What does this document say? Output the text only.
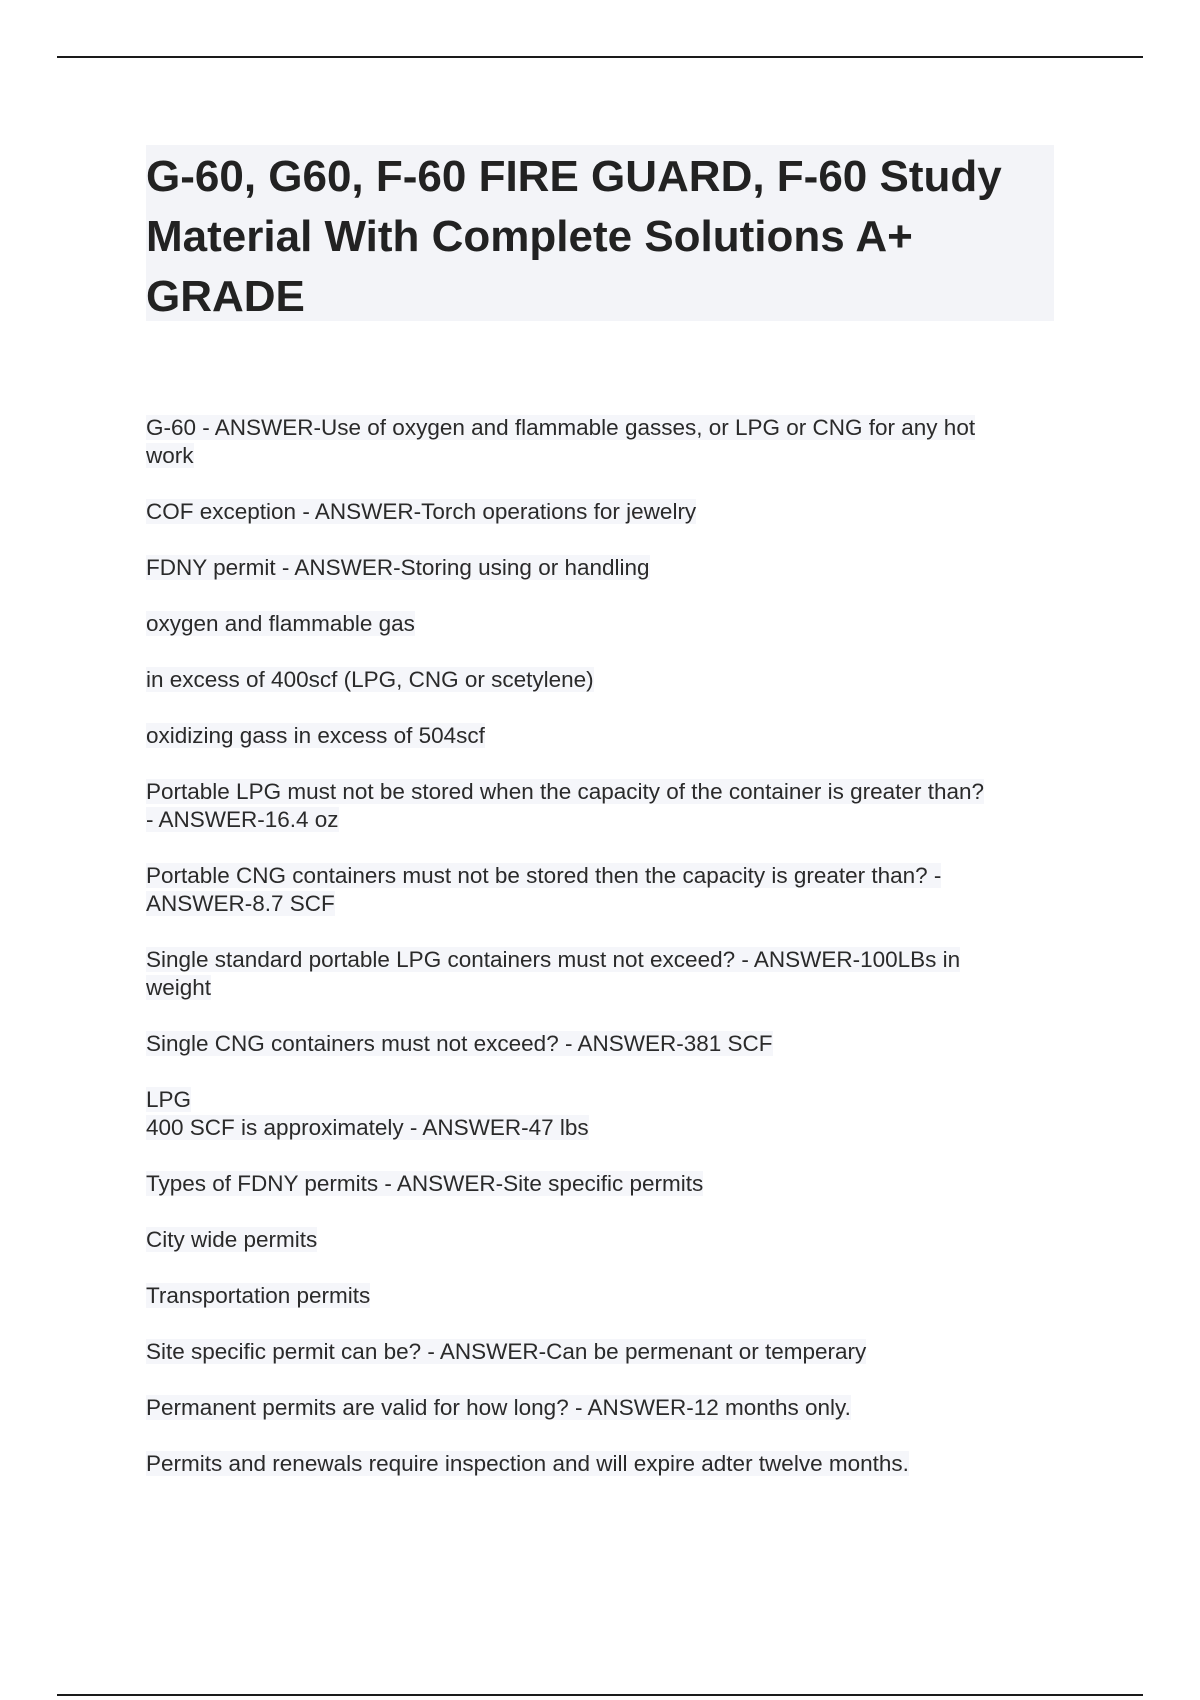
G-60, G60, F-60 FIRE GUARD, F-60 Study Material With Complete Solutions A+ GRADE

G-60 - ANSWER-Use of oxygen and flammable gasses, or LPG or CNG for any hot
work

COF exception - ANSWER-Torch operations for jewelry

FDNY permit - ANSWER-Storing using or handling

oxygen and flammable gas

in excess of 400scf (LPG, CNG or scetylene)

oxidizing gass in excess of 504scf

Portable LPG must not be stored when the capacity of the container is greater than?
- ANSWER-16.4 oz

Portable CNG containers must not be stored then the capacity is greater than? -
ANSWER-8.7 SCF

Single standard portable LPG containers must not exceed? - ANSWER-100LBs in
weight

Single CNG containers must not exceed? - ANSWER-381 SCF

LPG
400 SCF is approximately - ANSWER-47 lbs

Types of FDNY permits - ANSWER-Site specific permits

City wide permits

Transportation permits

Site specific permit can be? - ANSWER-Can be permenant or temperary

Permanent permits are valid for how long? - ANSWER-12 months only.

Permits and renewals require inspection and will expire adter twelve months.
